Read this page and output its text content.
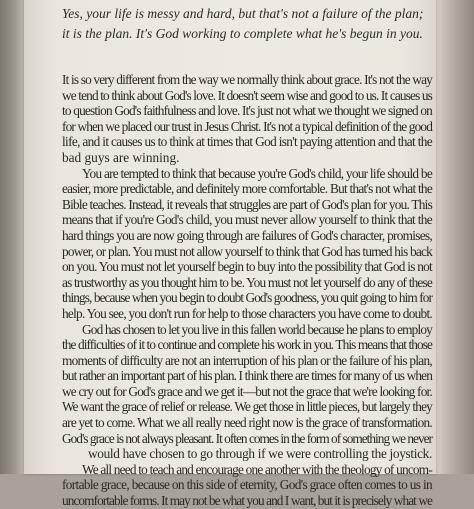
Yes, your life is messy and hard, but that's not a failure of the plan;
it is the plan. It's God working to complete what he's begun in you.
It is so very different from the way we normally think about grace. It's not the way
we tend to think about God's love. It doesn't seem wise and good to us. It causes us
to question God's faithfulness and love. It's just not what we thought we signed on
for when we placed our trust in Jesus Christ. It's not a typical definition of the good
life, and it causes us to think at times that God isn't paying attention and that the
bad guys are winning.
You are tempted to think that because you're God's child, your life should be
easier, more predictable, and definitely more comfortable. But that's not what the
Bible teaches. Instead, it reveals that struggles are part of God's plan for you. This
means that if you're God's child, you must never allow yourself to think that the
hard things you are now going through are failures of God's character, promises,
power, or plan. You must not allow yourself to think that God has turned his back
on you. You must not let yourself begin to buy into the possibility that God is not
as trustworthy as you thought him to be. You must not let yourself do any of these
things, because when you begin to doubt God's goodness, you quit going to him for
help. You see, you don't run for help to those characters you have come to doubt.
God has chosen to let you live in this fallen world because he plans to employ
the difficulties of it to continue and complete his work in you. This means that those
moments of difficulty are not an interruption of his plan or the failure of his plan,
but rather an important part of his plan. I think there are times for many of us when
we cry out for God's grace and we get it—but not the grace that we're looking for.
We want the grace of relief or release. We get those in little pieces, but largely they
are yet to come. What we all really need right now is the grace of transformation.
God's grace is not always pleasant. It often comes in the form of something we never
would have chosen to go through if we were controlling the joystick.
We all need to teach and encourage one another with the theology of uncom-
fortable grace, because on this side of eternity, God's grace often comes to us in
uncomfortable forms. It may not be what you and I want, but it is precisely what we
